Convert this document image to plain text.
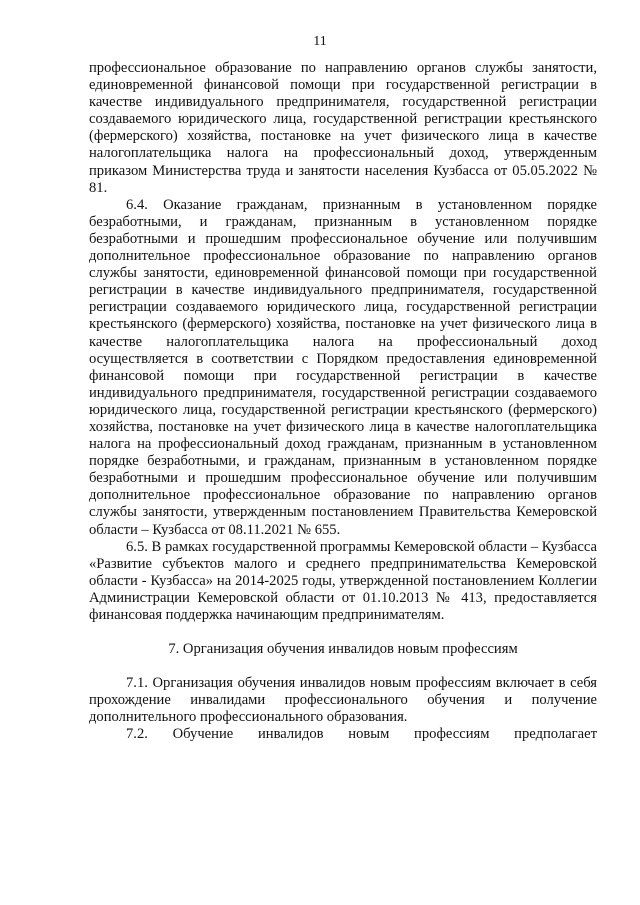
11

профессиональное образование по направлению органов службы занятости, единовременной финансовой помощи при государственной регистрации в качестве индивидуального предпринимателя, государственной регистрации создаваемого юридического лица, государственной регистрации крестьянского (фермерского) хозяйства, постановке на учет физического лица в качестве налогоплательщика налога на профессиональный доход, утвержденным приказом Министерства труда и занятости населения Кузбасса от 05.05.2022 № 81.

6.4. Оказание гражданам, признанным в установленном порядке безработными, и гражданам, признанным в установленном порядке безработными и прошедшим профессиональное обучение или получившим дополнительное профессиональное образование по направлению органов службы занятости, единовременной финансовой помощи при государственной регистрации в качестве индивидуального предпринимателя, государственной регистрации создаваемого юридического лица, государственной регистрации крестьянского (фермерского) хозяйства, постановке на учет физического лица в качестве налогоплательщика налога на профессиональный доход осуществляется в соответствии с Порядком предоставления единовременной финансовой помощи при государственной регистрации в качестве индивидуального предпринимателя, государственной регистрации создаваемого юридического лица, государственной регистрации крестьянского (фермерского) хозяйства, постановке на учет физического лица в качестве налогоплательщика налога на профессиональный доход гражданам, признанным в установленном порядке безработными, и гражданам, признанным в установленном порядке безработными и прошедшим профессиональное обучение или получившим дополнительное профессиональное образование по направлению органов службы занятости, утвержденным постановлением Правительства Кемеровской области – Кузбасса от 08.11.2021 № 655.

6.5. В рамках государственной программы Кемеровской области – Кузбасса «Развитие субъектов малого и среднего предпринимательства Кемеровской области - Кузбасса» на 2014-2025 годы, утвержденной постановлением Коллегии Администрации Кемеровской области от 01.10.2013 № 413, предоставляется финансовая поддержка начинающим предпринимателям.

7. Организация обучения инвалидов новым профессиям

7.1. Организация обучения инвалидов новым профессиям включает в себя прохождение инвалидами профессионального обучения и получение дополнительного профессионального образования.

7.2. Обучение инвалидов новым профессиям предполагает
